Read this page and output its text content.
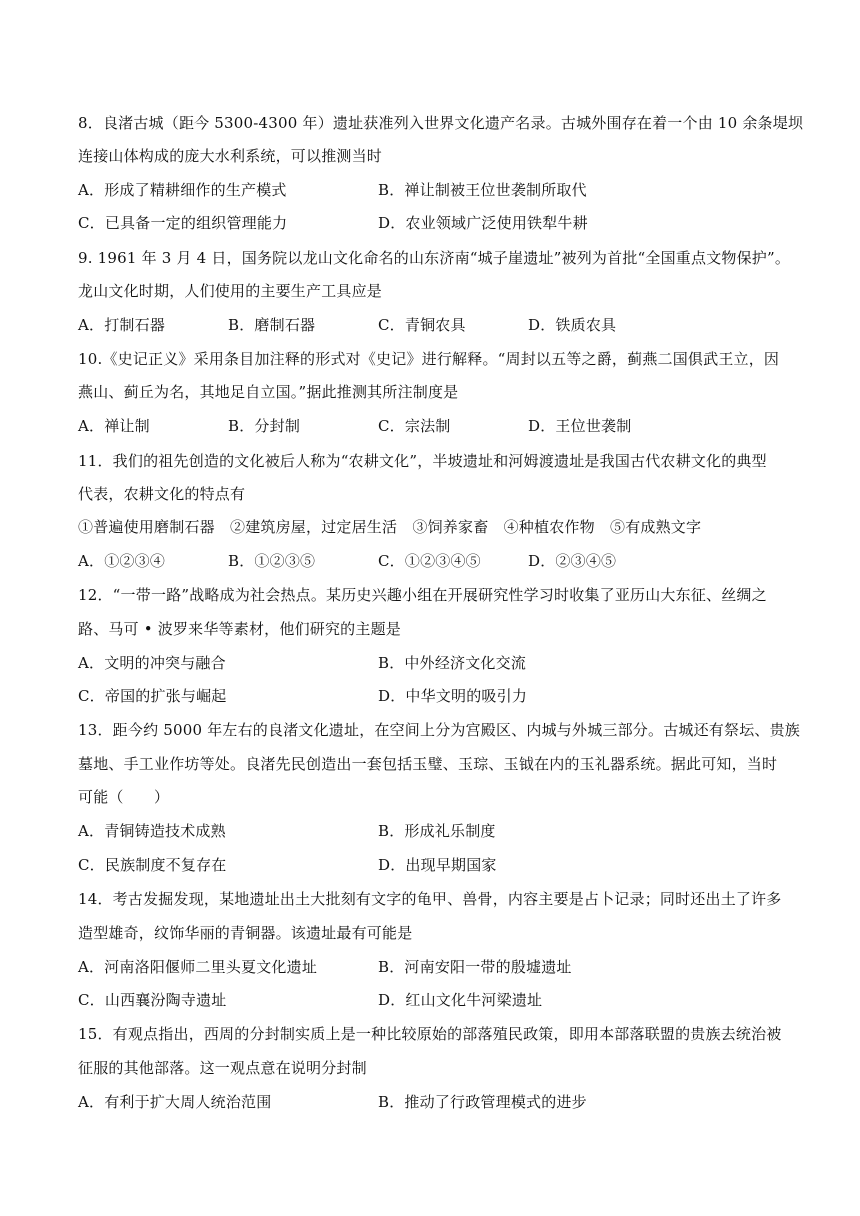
8．良渚古城（距今 5300-4300 年）遗址获准列入世界文化遗产名录。古城外围存在着一个由 10 余条堤坝
连接山体构成的庞大水利系统，可以推测当时
A．形成了精耕细作的生产模式	B．禅让制被王位世袭制所取代
C．已具备一定的组织管理能力	D．农业领域广泛使用铁犁牛耕
9. 1961 年 3 月 4 日，国务院以龙山文化命名的山东济南“城子崖遗址”被列为首批“全国重点文物保护”。
龙山文化时期，人们使用的主要生产工具应是
A．打制石器	B．磨制石器	C．青铜农具	D．铁质农具
10.《史记正义》采用条目加注释的形式对《史记》进行解释。“周封以五等之爵，蓟燕二国俱武王立，因
燕山、蓟丘为名，其地足自立国。”据此推测其所注制度是
A．禅让制	B．分封制	C．宗法制	D．王位世袭制
11．我们的祖先创造的文化被后人称为“农耕文化”，半坡遗址和河姆渡遗址是我国古代农耕文化的典型
代表，农耕文化的特点有
①普遍使用磨制石器　②建筑房屋，过定居生活　③饲养家畜　④种植农作物　⑤有成熟文字
A．①②③④	B．①②③⑤	C．①②③④⑤	D．②③④⑤
12．“一带一路”战略成为社会热点。某历史兴趣小组在开展研究性学习时收集了亚历山大东征、丝绸之
路、马可 • 波罗来华等素材，他们研究的主题是
A．文明的冲突与融合	B．中外经济文化交流
C．帝国的扩张与崛起	D．中华文明的吸引力
13．距今约 5000 年左右的良渚文化遗址，在空间上分为宫殿区、内城与外城三部分。古城还有祭坛、贵族
墓地、手工业作坊等处。良渚先民创造出一套包括玉璧、玉琮、玉钺在内的玉礼器系统。据此可知，当时
可能（　　）
A．青铜铸造技术成熟	B．形成礼乐制度
C．民族制度不复存在	D．出现早期国家
14．考古发掘发现，某地遗址出土大批刻有文字的龟甲、兽骨，内容主要是占卜记录；同时还出土了许多
造型雄奇，纹饰华丽的青铜器。该遗址最有可能是
A．河南洛阳偃师二里头夏文化遗址	B．河南安阳一带的殷墟遗址
C．山西襄汾陶寺遗址	D．红山文化牛河梁遗址
15．有观点指出，西周的分封制实质上是一种比较原始的部落殖民政策，即用本部落联盟的贵族去统治被
征服的其他部落。这一观点意在说明分封制
A．有利于扩大周人统治范围	B．推动了行政管理模式的进步
